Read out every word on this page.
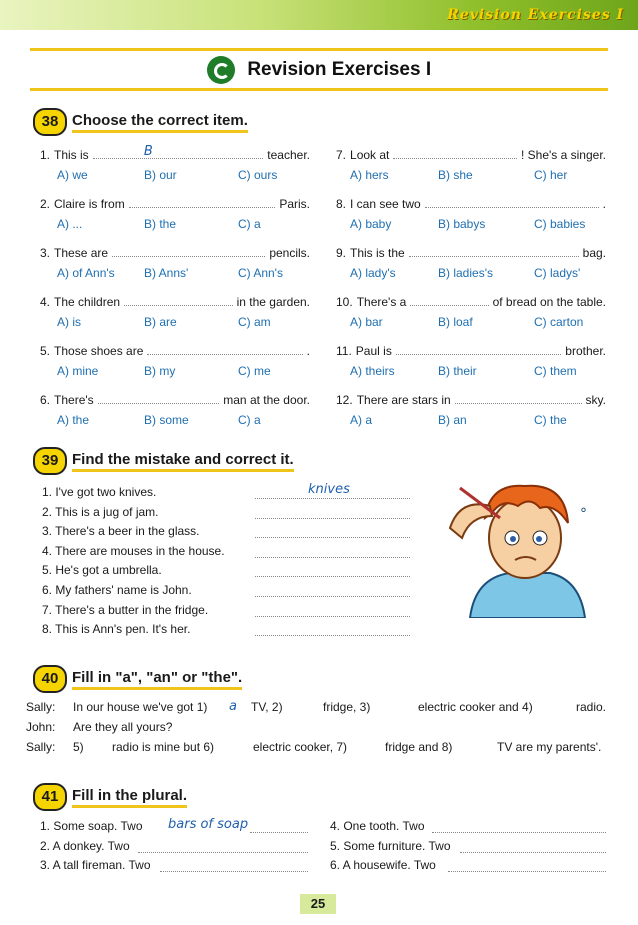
Revision Exercises I
Revision Exercises I
38 Choose the correct item.
1. This is	B	teacher.
A) we	B) our	C) ours
2. Claire is from	Paris.
A) ...	B) the	C) a
3. These are	pencils.
A) of Ann's B) Anns'	C) Ann's
4. The children	in the garden.
A) is	B) are	C) am
5. Those shoes are	.
A) mine	B) my	C) me
6. There's	man at the door.
A) the	B) some	C) a
7. Look at	! She's a singer.
A) hers	B) she	C) her
8. I can see two	.
A) baby	B) babys	C) babies
9. This is the	bag.
A) lady's	B) ladies's	C) ladys'
10. There's a	of bread on the table.
A) bar	B) loaf	C) carton
11. Paul is	brother.
A) theirs	B) their	C) them
12. There are stars in	sky.
A) a	B) an	C) the
39 Find the mistake and correct it.
1. I've got two knives.
2. This is a jug of jam.
3. There's a beer in the glass.
4. There are mouses in the house.
5. He's got a umbrella.
6. My fathers' name is John.
7. There's a butter in the fridge.
8. This is Ann's pen. It's her.
knives
°
40 Fill in "a", "an" or "the".
Sally: In our house we've got 1) a TV, 2)	fridge, 3)	electric cooker and 4)	radio.
John: Are they all yours?
Sally: 5) radio is mine but 6)	electric cooker, 7)	fridge and 8)	TV are my parents'.
41 Fill in the plural.
1. Some soap. Two bars of soap
2. A donkey. Two
3. A tall fireman. Two
4. One tooth. Two
5. Some furniture. Two
6. A housewife. Two
25
